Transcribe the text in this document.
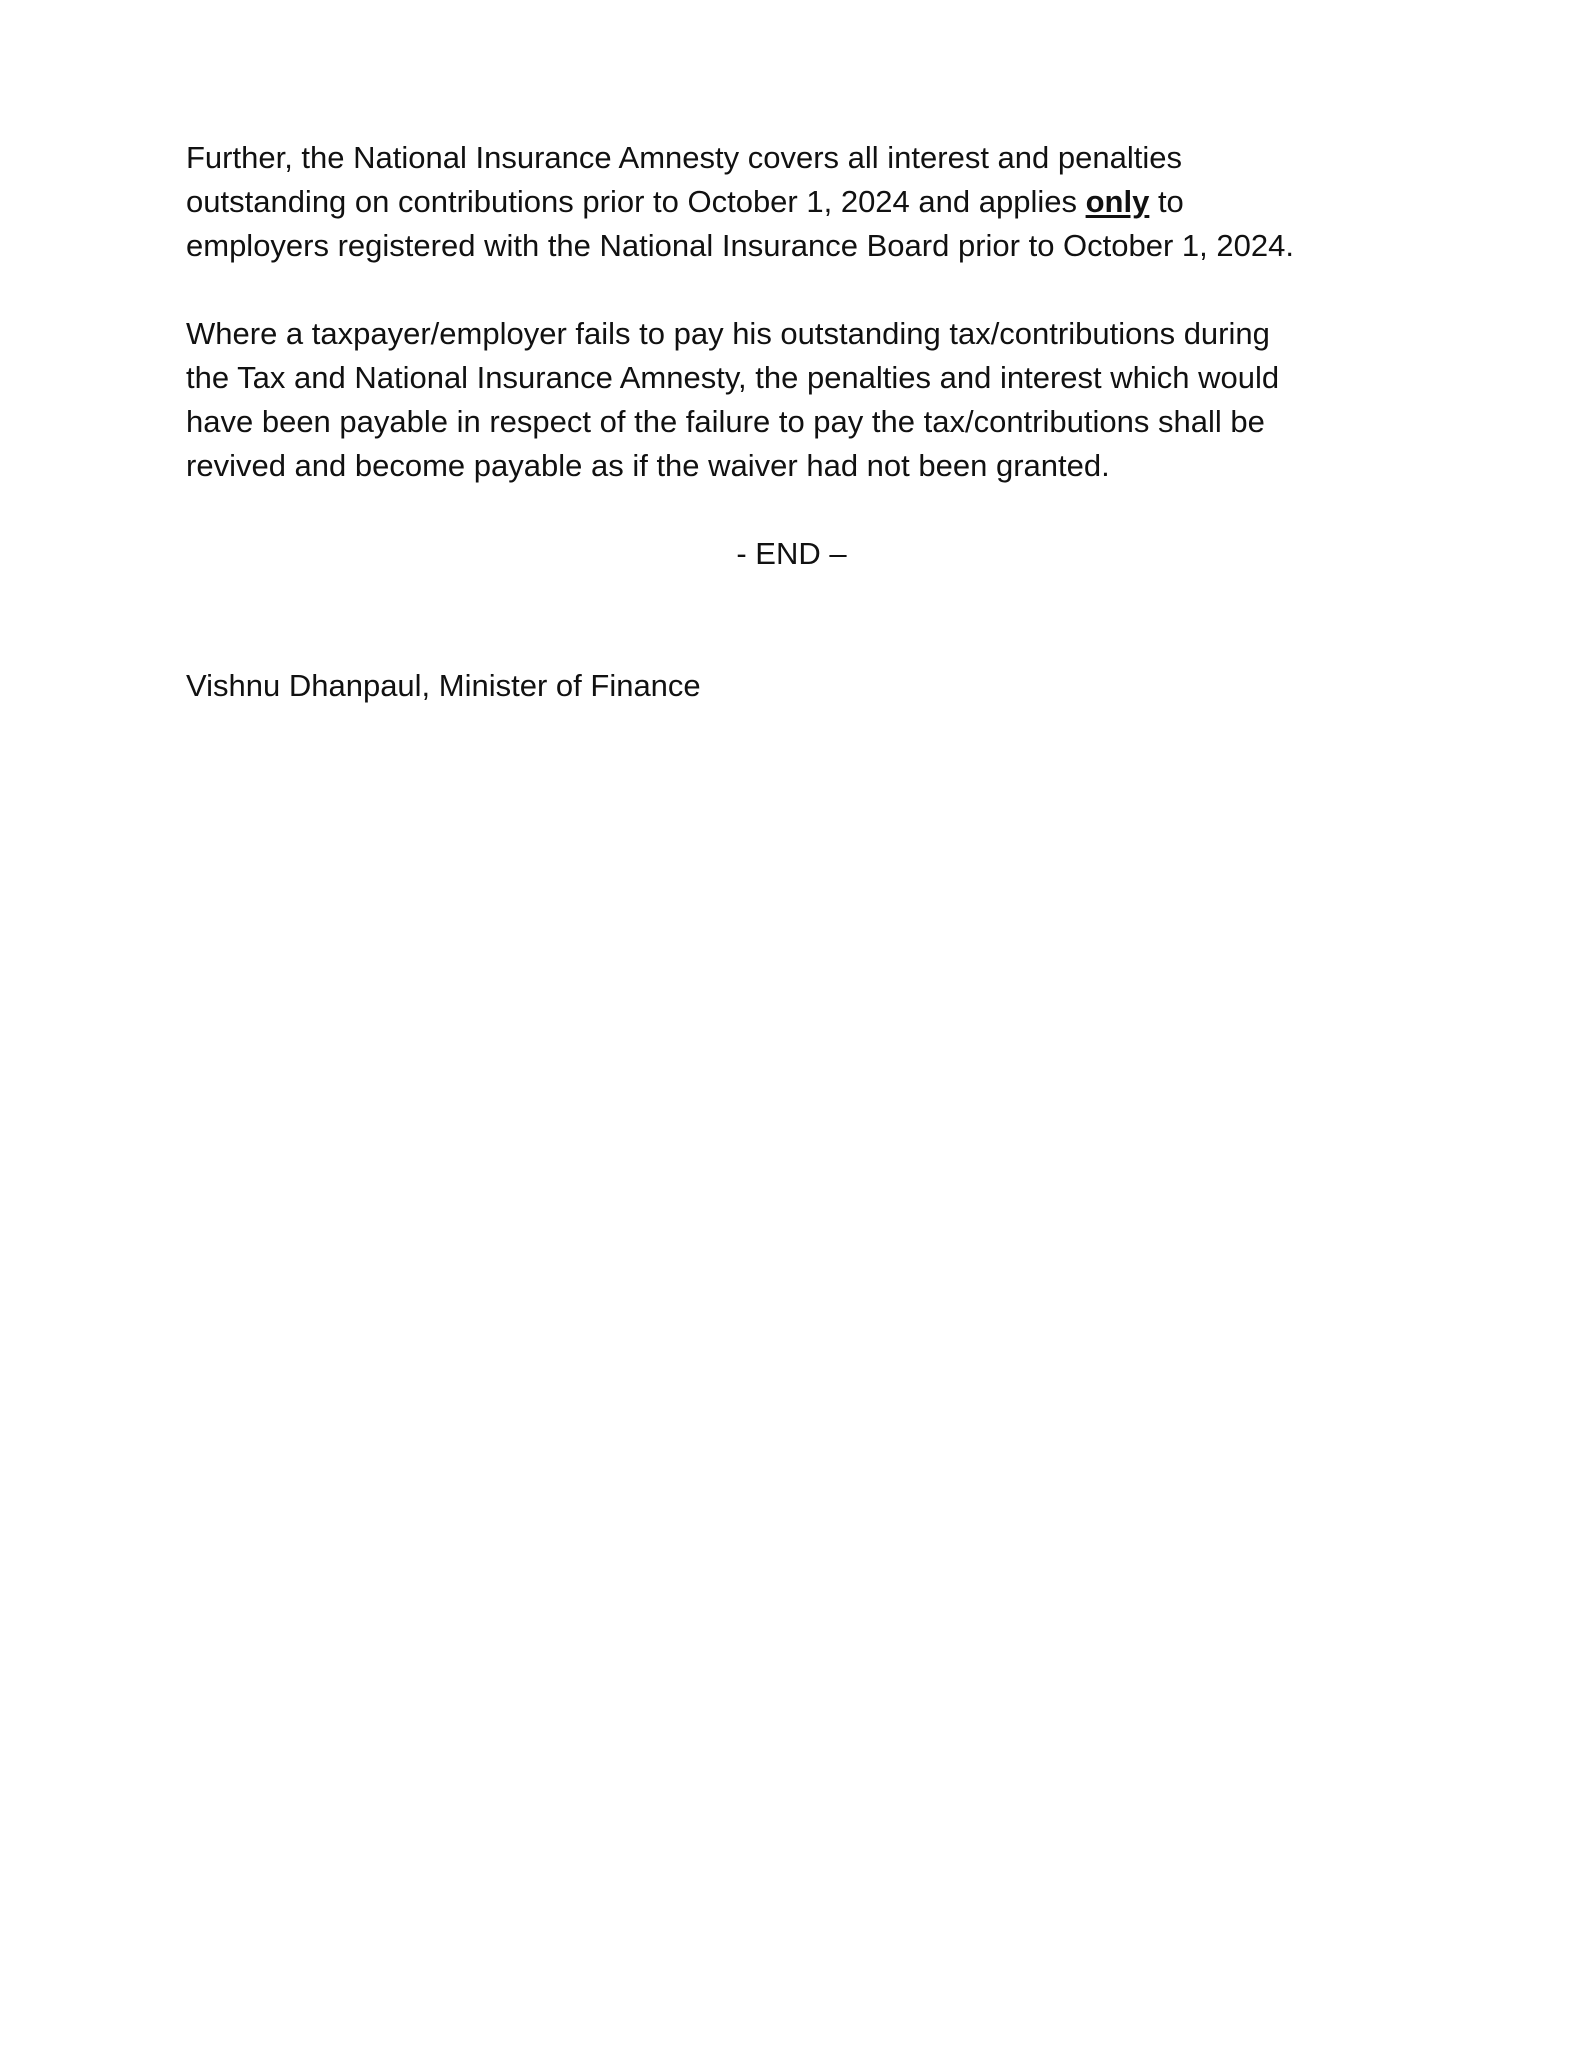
Further, the National Insurance Amnesty covers all interest and penalties
outstanding on contributions prior to October 1, 2024 and applies only to
employers registered with the National Insurance Board prior to October 1, 2024.
Where a taxpayer/employer fails to pay his outstanding tax/contributions during
the Tax and National Insurance Amnesty, the penalties and interest which would
have been payable in respect of the failure to pay the tax/contributions shall be
revived and become payable as if the waiver had not been granted.
- END –
Vishnu Dhanpaul, Minister of Finance
